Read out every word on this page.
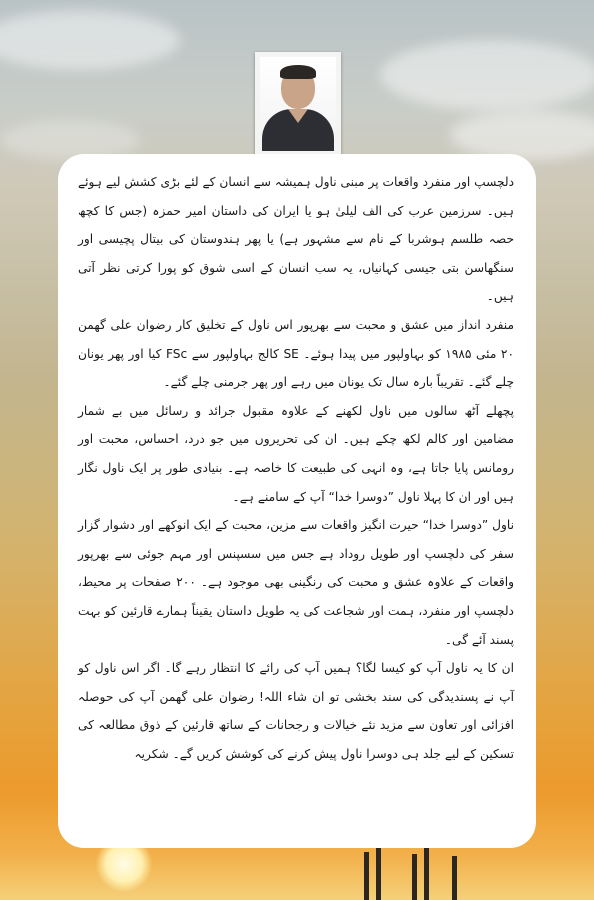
دلچسپ اور منفرد واقعات پر مبنی ناول ہمیشہ سے انسان کے لئے بڑی کشش لیے ہوئے ہیں۔ سرزمین عرب کی الف لیلیٰ ہو یا ایران کی داستان امیر حمزہ (جس کا کچھ حصہ طلسم ہوشربا کے نام سے مشہور ہے) یا پھر ہندوستان کی بیتال پچیسی اور سنگھاسن بتی جیسی کہانیاں، یہ سب انسان کے اسی شوق کو پورا کرتی نظر آتی ہیں۔

منفرد انداز میں عشق و محبت سے بھرپور اس ناول کے تخلیق کار رضوان علی گھمن ۲۰ مئی ۱۹۸۵ کو بہاولپور میں پیدا ہوئے۔ SE کالج بہاولپور سے FSc کیا اور پھر یونان چلے گئے۔ تقریباً بارہ سال تک یونان میں رہے اور پھر جرمنی چلے گئے۔

پچھلے آٹھ سالوں میں ناول لکھنے کے علاوہ مقبول جرائد و رسائل میں بے شمار مضامین اور کالم لکھ چکے ہیں۔ ان کی تحریروں میں جو درد، احساس، محبت اور رومانس پایا جاتا ہے، وہ انہی کی طبیعت کا خاصہ ہے۔ بنیادی طور پر ایک ناول نگار ہیں اور ان کا پہلا ناول ”دوسرا خدا“ آپ کے سامنے ہے۔

ناول ”دوسرا خدا“ حیرت انگیز واقعات سے مزین، محبت کے ایک انوکھے اور دشوار گزار سفر کی دلچسپ اور طویل روداد ہے جس میں سسپنس اور مہم جوئی سے بھرپور واقعات کے علاوہ عشق و محبت کی رنگینی بھی موجود ہے۔ ۲۰۰ صفحات پر محیط، دلچسپ اور منفرد، ہمت اور شجاعت کی یہ طویل داستان یقیناً ہمارے قارئین کو بہت پسند آئے گی۔

ان کا یہ ناول آپ کو کیسا لگا؟ ہمیں آپ کی رائے کا انتظار رہے گا۔ اگر اس ناول کو آپ نے پسندیدگی کی سند بخشی تو ان شاء اللہ! رضوان علی گھمن آپ کی حوصلہ افزائی اور تعاون سے مزید نئے خیالات و رجحانات کے ساتھ قارئین کے ذوق مطالعہ کی تسکین کے لیے جلد ہی دوسرا ناول پیش کرنے کی کوشش کریں گے۔ شکریہ
